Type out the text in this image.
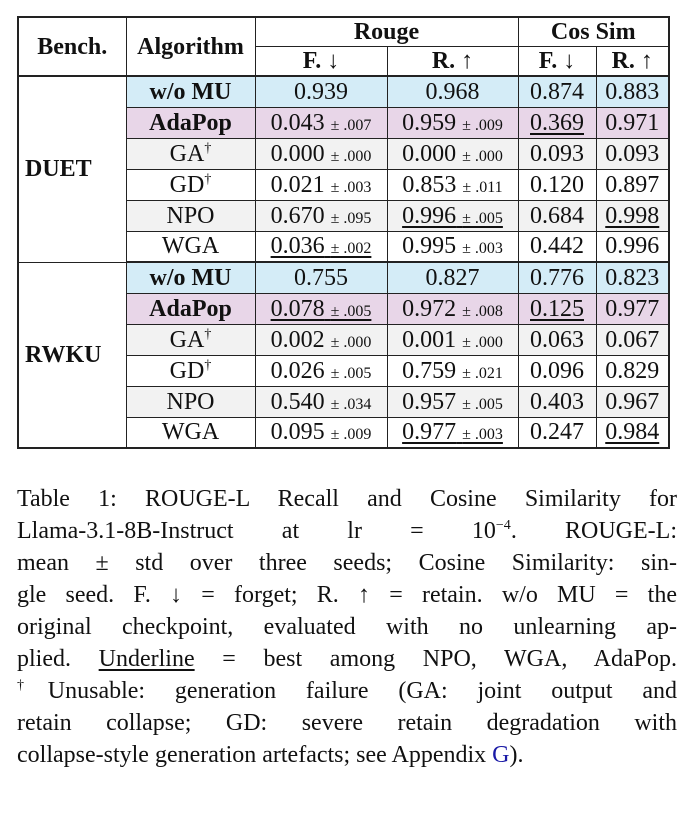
Bench.	Algorithm	Rouge		Cos Sim	
		F. ↓	R. ↑	F. ↓	R. ↑
DUET	w/o MU	0.939	0.968	0.874	0.883
	AdaPop	0.043 ± .007	0.959 ± .009	0.369	0.971
	GA†	0.000 ± .000	0.000 ± .000	0.093	0.093
	GD†	0.021 ± .003	0.853 ± .011	0.120	0.897
	NPO	0.670 ± .095	0.996 ± .005	0.684	0.998
	WGA	0.036 ± .002	0.995 ± .003	0.442	0.996
RWKU	w/o MU	0.755	0.827	0.776	0.823
	AdaPop	0.078 ± .005	0.972 ± .008	0.125	0.977
	GA†	0.002 ± .000	0.001 ± .000	0.063	0.067
	GD†	0.026 ± .005	0.759 ± .021	0.096	0.829
	NPO	0.540 ± .034	0.957 ± .005	0.403	0.967
	WGA	0.095 ± .009	0.977 ± .003	0.247	0.984
Table 1: ROUGE-L Recall and Cosine Similarity for
Llama-3.1-8B-Instruct at lr = $10^{-4}$. ROUGE-L:
mean ± std over three seeds; Cosine Similarity: sin-
gle seed. F. ↓ = forget; R. ↑ = retain. w/o MU = the
original checkpoint, evaluated with no unlearning ap-
plied. Underline = best among NPO, WGA, AdaPop.
†Unusable: generation failure (GA: joint output and
retain collapse; GD: severe retain degradation with
collapse-style generation artefacts; see Appendix G).
